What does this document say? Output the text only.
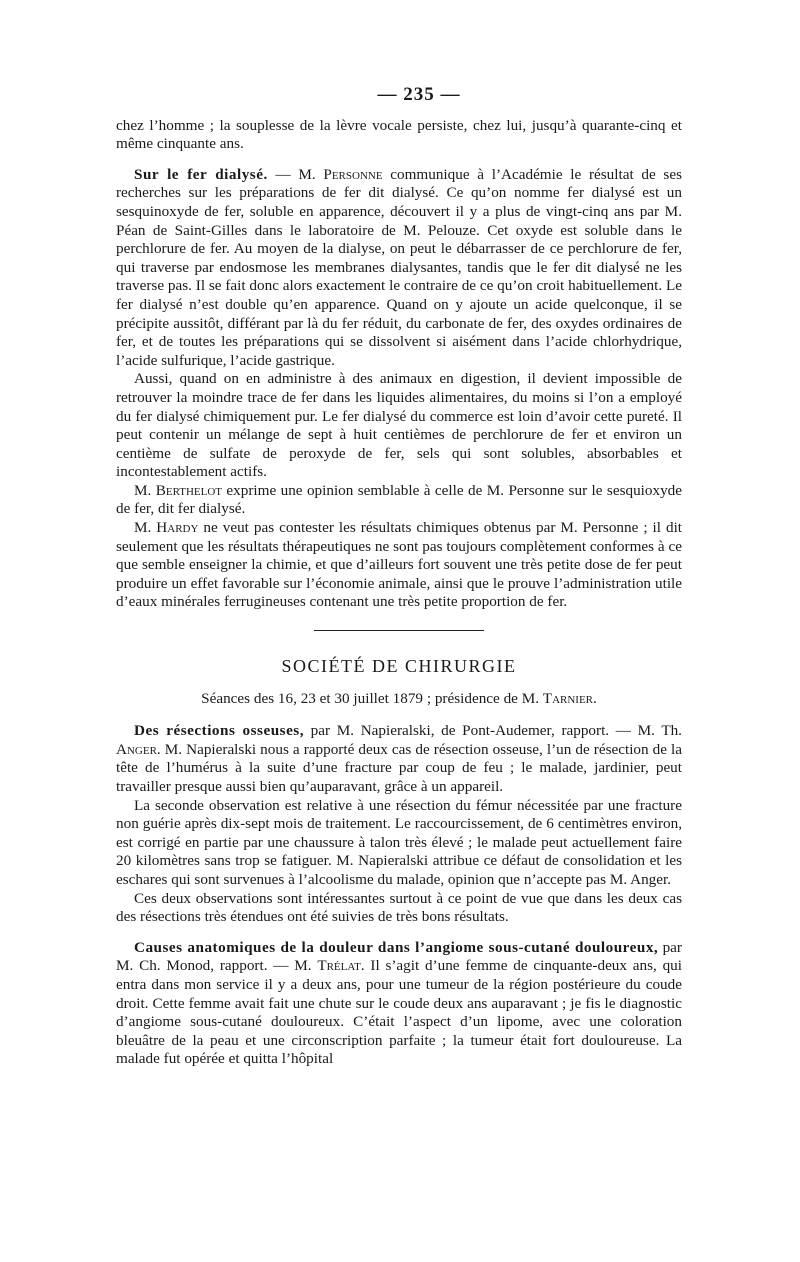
— 235 —

chez l’homme ; la souplesse de la lèvre vocale persiste, chez lui, jusqu’à quarante-cinq et même cinquante ans.

Sur le fer dialysé. — M. Personne communique à l’Académie le résultat de ses recherches sur les préparations de fer dit dialysé. Ce qu’on nomme fer dialysé est un sesquinoxyde de fer, soluble en apparence, découvert il y a plus de vingt-cinq ans par M. Péan de Saint-Gilles dans le laboratoire de M. Pelouze. Cet oxyde est soluble dans le perchlorure de fer. Au moyen de la dialyse, on peut le débarrasser de ce perchlorure de fer, qui traverse par endosmose les membranes dialysantes, tandis que le fer dit dialysé ne les traverse pas. Il se fait donc alors exactement le contraire de ce qu’on croit habituellement. Le fer dialysé n’est double qu’en apparence. Quand on y ajoute un acide quelconque, il se précipite aussitôt, différant par là du fer réduit, du carbonate de fer, des oxydes ordinaires de fer, et de toutes les préparations qui se dissolvent si aisément dans l’acide chlorhydrique, l’acide sulfurique, l’acide gastrique.

Aussi, quand on en administre à des animaux en digestion, il devient impossible de retrouver la moindre trace de fer dans les liquides alimentaires, du moins si l’on a employé du fer dialysé chimiquement pur. Le fer dialysé du commerce est loin d’avoir cette pureté. Il peut contenir un mélange de sept à huit centièmes de perchlorure de fer et environ un centième de sulfate de peroxyde de fer, sels qui sont solubles, absorbables et incontestablement actifs.

M. Berthelot exprime une opinion semblable à celle de M. Personne sur le sesquioxyde de fer, dit fer dialysé.

M. Hardy ne veut pas contester les résultats chimiques obtenus par M. Personne ; il dit seulement que les résultats thérapeutiques ne sont pas toujours complètement conformes à ce que semble enseigner la chimie, et que d’ailleurs fort souvent une très petite dose de fer peut produire un effet favorable sur l’économie animale, ainsi que le prouve l’administration utile d’eaux minérales ferrugineuses contenant une très petite proportion de fer.

SOCIÉTÉ DE CHIRURGIE
Séances des 16, 23 et 30 juillet 1879 ; présidence de M. Tarnier.

Des résections osseuses, par M. Napieralski, de Pont-Audemer, rapport. — M. Th. Anger. M. Napieralski nous a rapporté deux cas de résection osseuse, l’un de résection de la tête de l’humérus à la suite d’une fracture par coup de feu ; le malade, jardinier, peut travailler presque aussi bien qu’auparavant, grâce à un appareil.

La seconde observation est relative à une résection du fémur nécessitée par une fracture non guérie après dix-sept mois de traitement. Le raccourcissement, de 6 centimètres environ, est corrigé en partie par une chaussure à talon très élevé ; le malade peut actuellement faire 20 kilomètres sans trop se fatiguer. M. Napieralski attribue ce défaut de consolidation et les eschares qui sont survenues à l’alcoolisme du malade, opinion que n’accepte pas M. Anger.

Ces deux observations sont intéressantes surtout à ce point de vue que dans les deux cas des résections très étendues ont été suivies de très bons résultats.

Causes anatomiques de la douleur dans l’angiome sous-cutané douloureux, par M. Ch. Monod, rapport. — M. Trélat. Il s’agit d’une femme de cinquante-deux ans, qui entra dans mon service il y a deux ans, pour une tumeur de la région postérieure du coude droit. Cette femme avait fait une chute sur le coude deux ans auparavant ; je fis le diagnostic d’angiome sous-cutané douloureux. C’était l’aspect d’un lipome, avec une coloration bleuâtre de la peau et une circonscription parfaite ; la tumeur était fort douloureuse. La malade fut opérée et quitta l’hôpital
